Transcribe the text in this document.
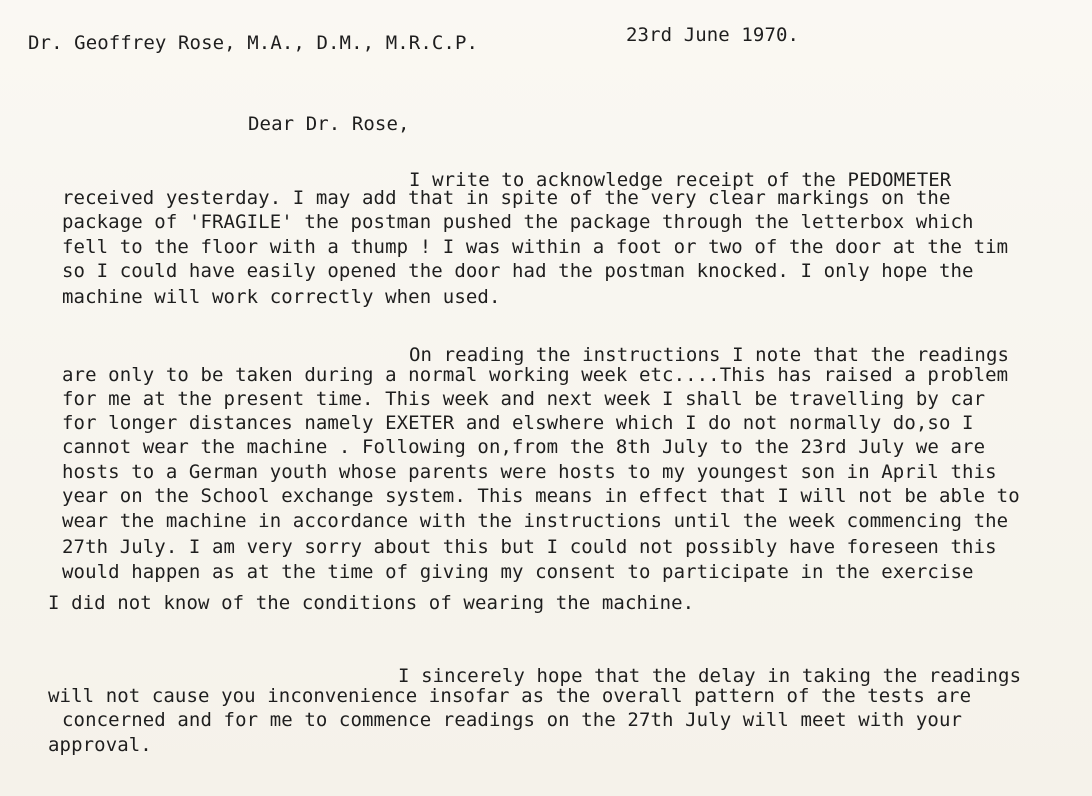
Dr. Geoffrey Rose, M.A., D.M., M.R.C.P.	23rd June 1970.

Dear Dr. Rose,

I write to acknowledge receipt of the PEDOMETER

received yesterday. I may add that in spite of the very clear markings on the

package of 'FRAGILE' the postman pushed the package through the letterbox which

fell to the floor with a thump ! I was within a foot or two of the door at the tim

so I could have easily opened the door had the postman knocked. I only hope the

machine will work correctly when used.

On reading the instructions I note that the readings

are only to be taken during a normal working week etc....This has raised a problem

for me at the present time. This week and next week I shall be travelling by car

for longer distances namely EXETER and elswhere which I do not normally do,so I

cannot wear the machine . Following on,from the 8th July to the 23rd July we are

hosts to a German youth whose parents were hosts to my youngest son in April this

year on the School exchange system. This means in effect that I will not be able to

wear the machine in accordance with the instructions until the week commencing the

27th July. I am very sorry about this but I could not possibly have foreseen this

would happen as at the time of giving my consent to participate in the exercise

I did not know of the conditions of wearing the machine.

I sincerely hope that the delay in taking the readings

will not cause you inconvenience insofar as the overall pattern of the tests are

concerned and for me to commence readings on the 27th July will meet with your

approval.
